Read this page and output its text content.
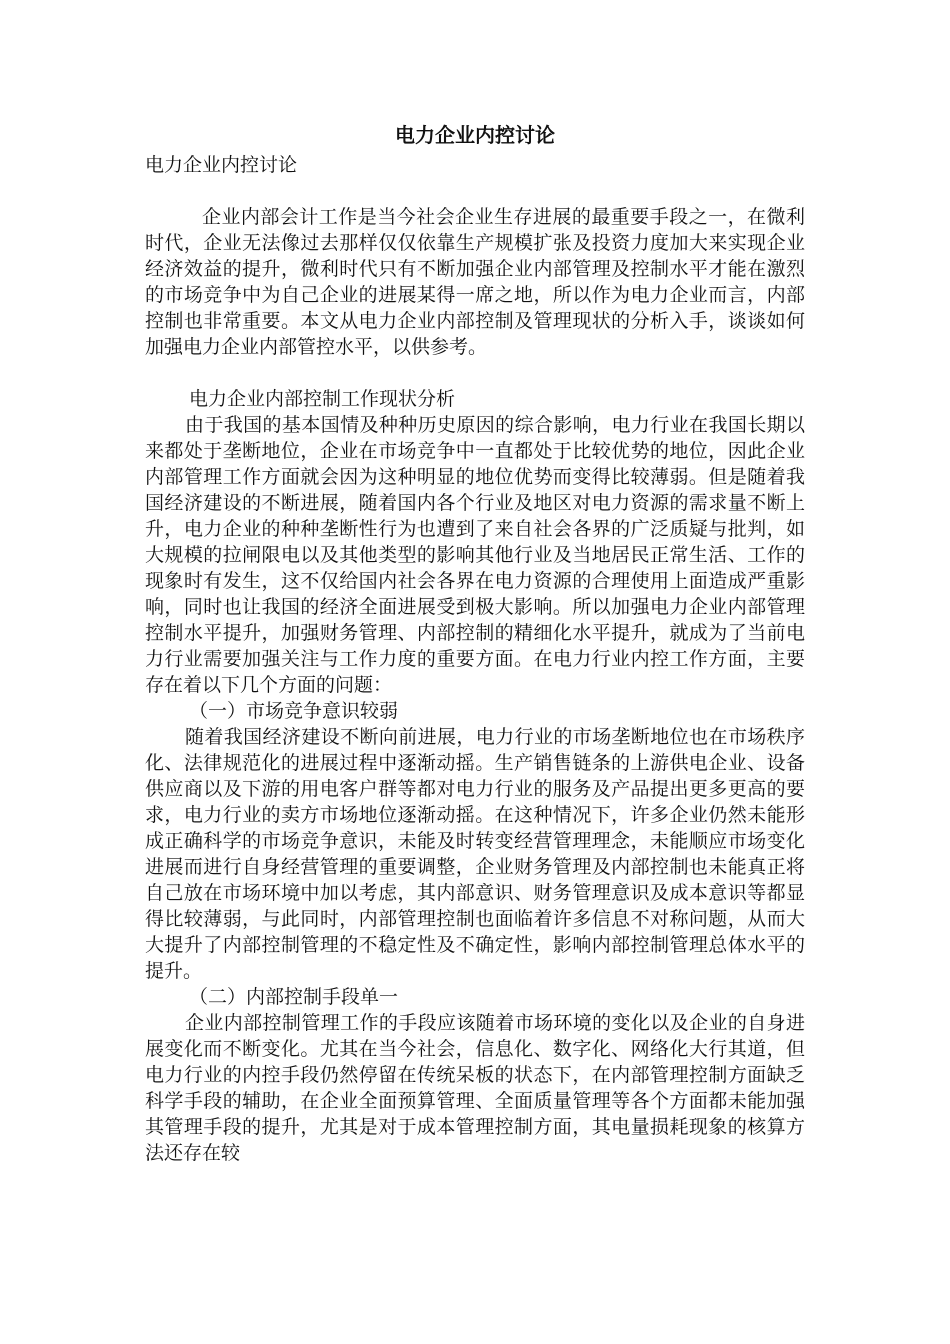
电力企业内控讨论

电力企业内控讨论

企业内部会计工作是当今社会企业生存进展的最重要手段之一，在微利时代，企业无法像过去那样仅仅依靠生产规模扩张及投资力度加大来实现企业经济效益的提升，微利时代只有不断加强企业内部管理及控制水平才能在激烈的市场竞争中为自己企业的进展某得一席之地，所以作为电力企业而言，内部控制也非常重要。本文从电力企业内部控制及管理现状的分析入手，谈谈如何加强电力企业内部管控水平，以供参考。

电力企业内部控制工作现状分析

由于我国的基本国情及种种历史原因的综合影响，电力行业在我国长期以来都处于垄断地位，企业在市场竞争中一直都处于比较优势的地位，因此企业内部管理工作方面就会因为这种明显的地位优势而变得比较薄弱。但是随着我国经济建设的不断进展，随着国内各个行业及地区对电力资源的需求量不断上升，电力企业的种种垄断性行为也遭到了来自社会各界的广泛质疑与批判，如大规模的拉闸限电以及其他类型的影响其他行业及当地居民正常生活、工作的现象时有发生，这不仅给国内社会各界在电力资源的合理使用上面造成严重影响，同时也让我国的经济全面进展受到极大影响。所以加强电力企业内部管理控制水平提升，加强财务管理、内部控制的精细化水平提升，就成为了当前电力行业需要加强关注与工作力度的重要方面。在电力行业内控工作方面，主要存在着以下几个方面的问题：

（一）市场竞争意识较弱

随着我国经济建设不断向前进展，电力行业的市场垄断地位也在市场秩序化、法律规范化的进展过程中逐渐动摇。生产销售链条的上游供电企业、设备供应商以及下游的用电客户群等都对电力行业的服务及产品提出更多更高的要求，电力行业的卖方市场地位逐渐动摇。在这种情况下，许多企业仍然未能形成正确科学的市场竞争意识，未能及时转变经营管理理念，未能顺应市场变化进展而进行自身经营管理的重要调整，企业财务管理及内部控制也未能真正将自己放在市场环境中加以考虑，其内部意识、财务管理意识及成本意识等都显得比较薄弱，与此同时，内部管理控制也面临着许多信息不对称问题，从而大大提升了内部控制管理的不稳定性及不确定性，影响内部控制管理总体水平的提升。

（二）内部控制手段单一

企业内部控制管理工作的手段应该随着市场环境的变化以及企业的自身进展变化而不断变化。尤其在当今社会，信息化、数字化、网络化大行其道，但电力行业的内控手段仍然停留在传统呆板的状态下，在内部管理控制方面缺乏科学手段的辅助，在企业全面预算管理、全面质量管理等各个方面都未能加强其管理手段的提升，尤其是对于成本管理控制方面，其电量损耗现象的核算方法还存在较
